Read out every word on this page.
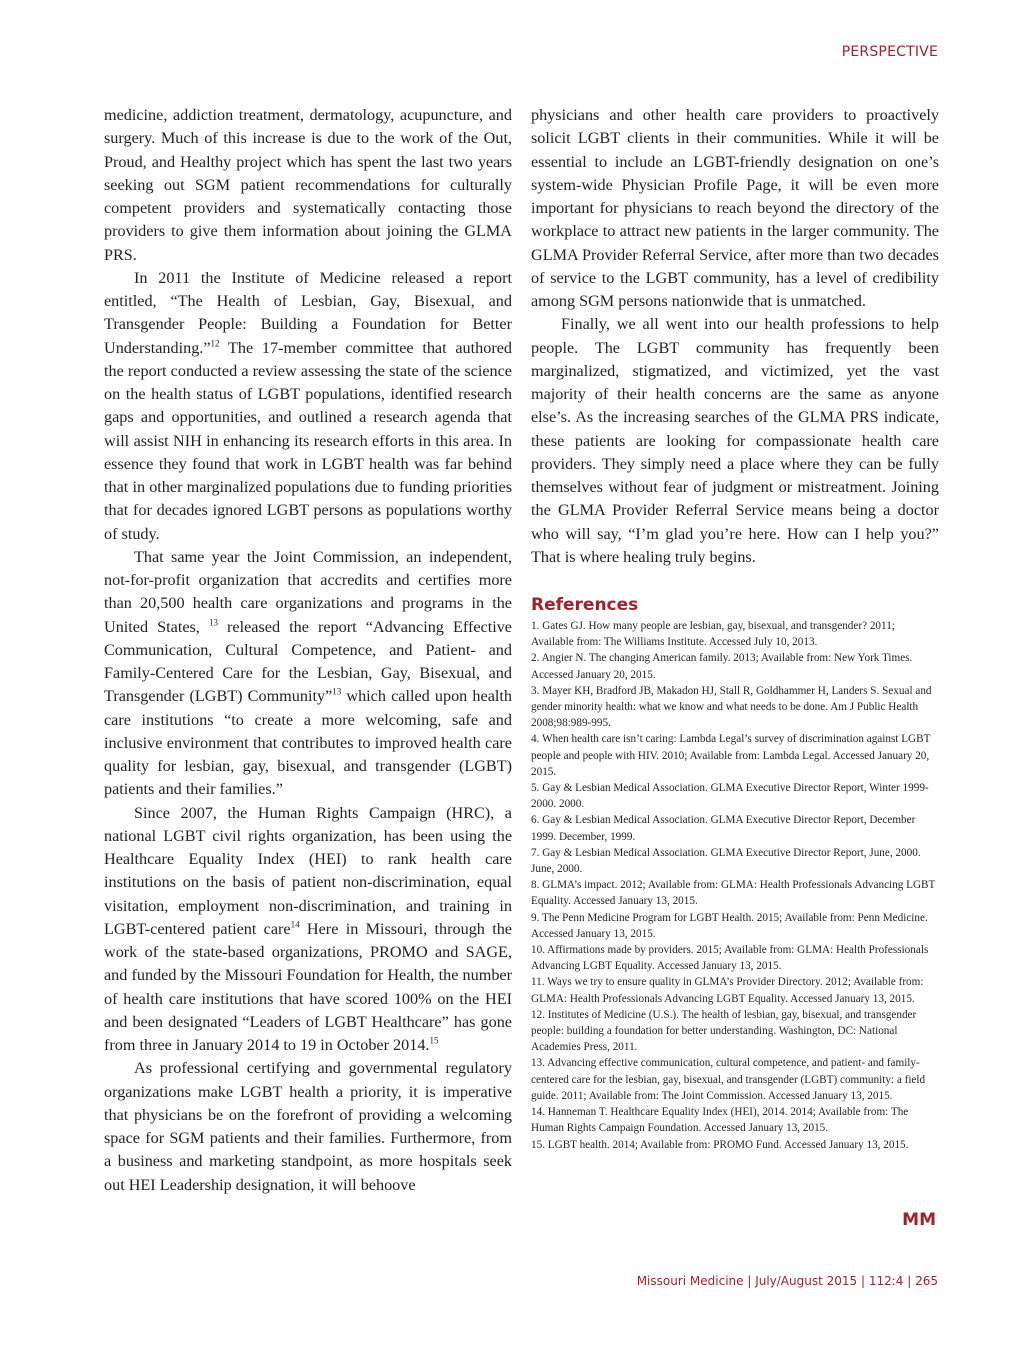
PERSPECTIVE

medicine, addiction treatment, dermatology, acupuncture, and surgery. Much of this increase is due to the work of the Out, Proud, and Healthy project which has spent the last two years seeking out SGM patient recommendations for culturally competent providers and systematically contacting those providers to give them information about joining the GLMA PRS.

In 2011 the Institute of Medicine released a report entitled, “The Health of Lesbian, Gay, Bisexual, and Transgender People: Building a Foundation for Better Understanding.”$^{12}$ The 17-member committee that authored the report conducted a review assessing the state of the science on the health status of LGBT populations, identified research gaps and opportunities, and outlined a research agenda that will assist NIH in enhancing its research efforts in this area. In essence they found that work in LGBT health was far behind that in other marginalized populations due to funding priorities that for decades ignored LGBT persons as populations worthy of study.

That same year the Joint Commission, an independent, not-for-profit organization that accredits and certifies more than 20,500 health care organizations and programs in the United States, $^{13}$ released the report “Advancing Effective Communication, Cultural Competence, and Patient- and Family-Centered Care for the Lesbian, Gay, Bisexual, and Transgender (LGBT) Community”$^{13}$ which called upon health care institutions “to create a more welcoming, safe and inclusive environment that contributes to improved health care quality for lesbian, gay, bisexual, and transgender (LGBT) patients and their families.”

Since 2007, the Human Rights Campaign (HRC), a national LGBT civil rights organization, has been using the Healthcare Equality Index (HEI) to rank health care institutions on the basis of patient non-discrimination, equal visitation, employment non-discrimination, and training in LGBT-centered patient care$^{14}$ Here in Missouri, through the work of the state-based organizations, PROMO and SAGE, and funded by the Missouri Foundation for Health, the number of health care institutions that have scored 100% on the HEI and been designated “Leaders of LGBT Healthcare” has gone from three in January 2014 to 19 in October 2014.15

As professional certifying and governmental regulatory organizations make LGBT health a priority, it is imperative that physicians be on the forefront of providing a welcoming space for SGM patients and their families. Furthermore, from a business and marketing standpoint, as more hospitals seek out HEI Leadership designation, it will behoove

physicians and other health care providers to proactively solicit LGBT clients in their communities. While it will be essential to include an LGBT-friendly designation on one’s system-wide Physician Profile Page, it will be even more important for physicians to reach beyond the directory of the workplace to attract new patients in the larger community. The GLMA Provider Referral Service, after more than two decades of service to the LGBT community, has a level of credibility among SGM persons nationwide that is unmatched.

Finally, we all went into our health professions to help people. The LGBT community has frequently been marginalized, stigmatized, and victimized, yet the vast majority of their health concerns are the same as anyone else’s. As the increasing searches of the GLMA PRS indicate, these patients are looking for compassionate health care providers. They simply need a place where they can be fully themselves without fear of judgment or mistreatment. Joining the GLMA Provider Referral Service means being a doctor who will say, “I’m glad you’re here. How can I help you?” That is where healing truly begins.

References
1. Gates GJ. How many people are lesbian, gay, bisexual, and transgender? 2011; Available from: The Williams Institute. Accessed July 10, 2013.
2. Angier N. The changing American family. 2013; Available from: New York Times. Accessed January 20, 2015.
3. Mayer KH, Bradford JB, Makadon HJ, Stall R, Goldhammer H, Landers S. Sexual and gender minority health: what we know and what needs to be done. Am J Public Health 2008;98:989-995.
4. When health care isn’t caring: Lambda Legal’s survey of discrimination against LGBT people and people with HIV. 2010; Available from: Lambda Legal. Accessed January 20, 2015.
5. Gay & Lesbian Medical Association. GLMA Executive Director Report, Winter 1999-2000. 2000.
6. Gay & Lesbian Medical Association. GLMA Executive Director Report, December 1999. December, 1999.
7. Gay & Lesbian Medical Association. GLMA Executive Director Report, June, 2000. June, 2000.
8. GLMA’s impact. 2012; Available from: GLMA: Health Professionals Advancing LGBT Equality. Accessed January 13, 2015.
9. The Penn Medicine Program for LGBT Health. 2015; Available from: Penn Medicine. Accessed January 13, 2015.
10. Affirmations made by providers. 2015; Available from: GLMA: Health Professionals Advancing LGBT Equality. Accessed January 13, 2015.
11. Ways we try to ensure quality in GLMA’s Provider Directory. 2012; Available from: GLMA: Health Professionals Advancing LGBT Equality. Accessed January 13, 2015.
12. Institutes of Medicine (U.S.). The health of lesbian, gay, bisexual, and transgender people: building a foundation for better understanding. Washington, DC: National Academies Press, 2011.
13. Advancing effective communication, cultural competence, and patient- and family-centered care for the lesbian, gay, bisexual, and transgender (LGBT) community: a field guide. 2011; Available from: The Joint Commission. Accessed January 13, 2015.
14. Hanneman T. Healthcare Equality Index (HEI), 2014. 2014; Available from: The Human Rights Campaign Foundation. Accessed January 13, 2015.
15. LGBT health. 2014; Available from: PROMO Fund. Accessed January 13, 2015.
MM
Missouri Medicine | July/August 2015 | 112:4 | 265
